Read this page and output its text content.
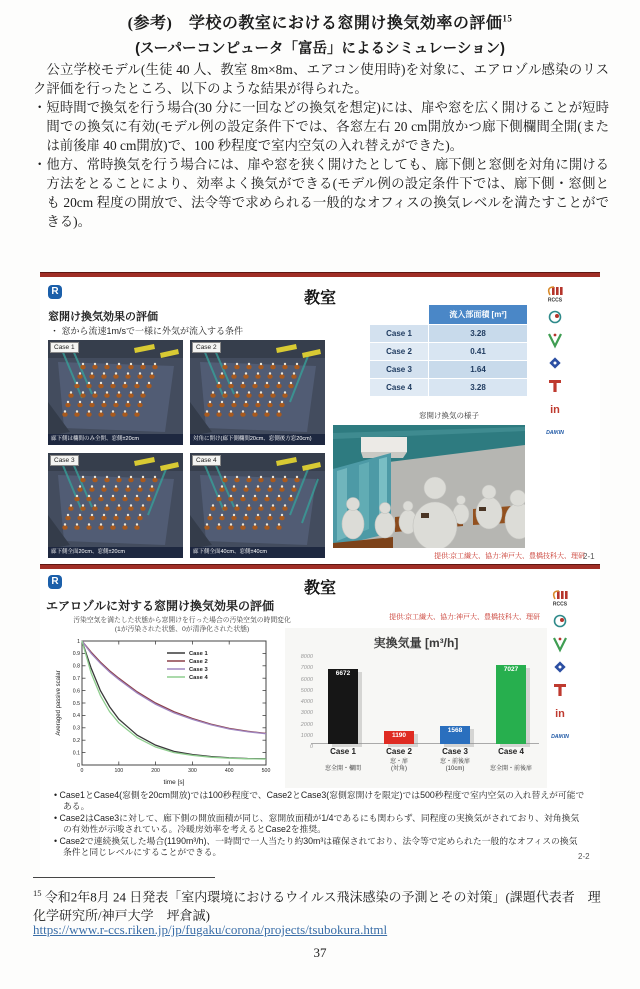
(参考)　学校の教室における窓開け換気効率の評価$^{15}$
(スーパーコンピュータ「富岳」によるシミュレーション)

公立学校モデル(生徒 40 人、教室 8m×8m、エアコン使用時)を対象に、エアロゾル感染のリスク評価を行ったところ、以下のような結果が得られた。

・短時間で換気を行う場合(30 分に一回などの換気を想定)には、扉や窓を広く開けることが短時間での換気に有効(モデル例の設定条件下では、各窓左右 20 cm開放かつ廊下側欄間全開(または前後扉 40 cm開放)で、100 秒程度で室内空気の入れ替えができた)。

・他方、常時換気を行う場合には、扉や窓を狭く開けたとしても、廊下側と窓側を対角に開ける方法をとることにより、効率よく換気ができる(モデル例の設定条件下では、廊下側・窓側とも 20cm 程度の開放で、法令等で求められる一般的なオフィスの換気レベルを満たすことができる)。

R	教室
窓開け換気効果の評価
・ 窓から流速1m/sで一様に外気が流入する条件
Case 1
廊下側は欄間のみ全開、窓側±20cm
Case 2
対角に開け(廊下側欄間20cm、窓側後方窓20cm)
Case 3
廊下側全面20cm、窓側±20cm
Case 4
廊下側全面40cm、窓側±40cm
流入部面積 [m²]
Case 1	3.28
Case 2	0.41
Case 3	1.64
Case 4	3.28
窓開け換気の様子
提供:京工繊大、協力:神戸大、豊橋技科大、理研
2-1
RCCS
in
DAIKIN
R	教室
エアロゾルに対する窓開け換気効果の評価
汚染空気を満たした状態から窓開けを行った場合の汚染空気の時間変化
(1が汚染された状態、0が清浄化された状態)
提供:京工繊大、協力:神戸大、豊橋技科大、理研
0
0.1
0.2
0.3
0.4
0.5
0.6
0.7
0.8
0.9
1
0	100	200	300	400	500
time [s]
Averaged passive scalar
Case 1
Case 2
Case 3
Case 4
実換気量 [m³/h]
8000
7000
6000
5000
4000
3000
2000
1000
0
6672
Case 1
窓全開・欄間
1190
Case 2
窓・扉
(対角)
1568
Case 3
窓・前後扉
(10cm)
7027
Case 4
窓全開・前後扉

• Case1とCase4(窓側を20cm開放)では100秒程度で、Case2とCase3(窓側窓開けを限定)では500秒程度で室内空気の入れ替えが可能である。

• Case2はCase3に対して、廊下側の開放面積が同じ、窓開放面積が1/4であるにも関わらず、同程度の実換気がされており、対角換気の有効性が示唆されている。冷暖房効率を考えるとCase2を推奨。

• Case2で連続換気した場合(1190m³/h)、一時間で一人当たり約30m³は確保されており、法令等で定められた一般的なオフィスの換気条件と同じレベルにすることができる。	2-2
RCCS
in
DAIKIN
$^{15}$ 令和2年8月 24 日発表「室内環境におけるウイルス飛沫感染の予測とその対策」(課題代表者　理化学研究所/神戸大学　坪倉誠)
https://www.r-ccs.riken.jp/jp/fugaku/corona/projects/tsubokura.html
37
